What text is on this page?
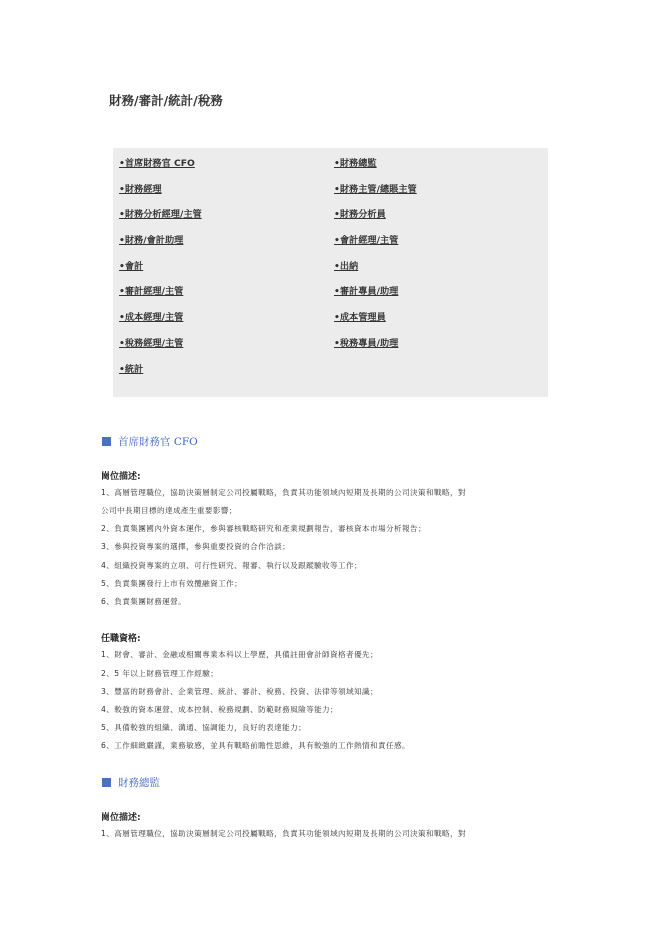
財務/審計/統計/稅務
•首席財務官 CFO	•財務總監
•財務經理	•財務主管/總賬主管
•財務分析經理/主管	•財務分析員
•財務/會計助理	•會計經理/主管
•會計	•出納
•審計經理/主管	•審計專員/助理
•成本經理/主管	•成本管理員
•稅務經理/主管	•稅務專員/助理
•統計
首席財務官 CFO
崗位描述:
1、高層管理職位，協助決策層制定公司投屬戰略，負責其功能領域內短期及長期的公司決策和戰略，對
公司中長期目標的達成產生重要影響；
2、負責集團國內外資本運作，參與審核戰略研究和產業規劃報告，審核資本市場分析報告；
3、參與投資專案的選擇，參與重要投資的合作洽談；
4、組織投資專案的立項、可行性研究、報審、執行以及跟蹤驗收等工作；
5、負責集團發行上市有效攬融資工作；
6、負責集團財務運營。
任職資格:
1、財會、審計、金融或相關專業本科以上學歷，具備註冊會計師資格者優先；
2、5 年以上財務管理工作經驗；
3、豐富的財務會計、企業管理、統計、審計、稅務、投資、法律等領域知識；
4、較強的資本運營、成本控制、稅務規劃、防範財務風險等能力；
5、具備較強的組織、溝通、協調能力，良好的表達能力；
6、工作細緻嚴謹，業務敏感，並具有戰略前瞻性思維，具有較強的工作熱情和責任感。
財務總監
崗位描述:
1、高層管理職位，協助決策層制定公司投屬戰略，負責其功能領域內短期及長期的公司決策和戰略，對
